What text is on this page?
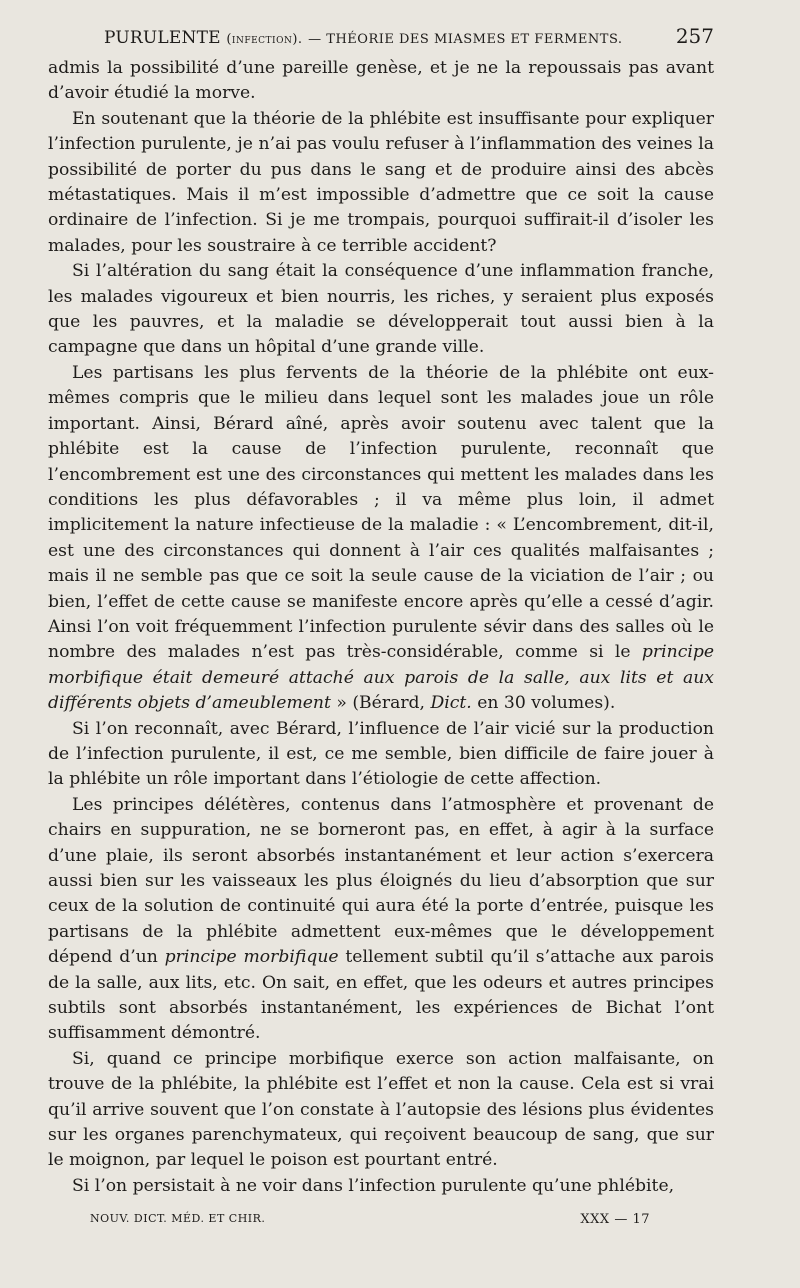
PURULENTE (infection). — THÉORIE DES MIASMES ET FERMENTS.	257

admis la possibilité d’une pareille genèse, et je ne la repoussais pas avant d’avoir étudié la morve.

En soutenant que la théorie de la phlébite est insuffisante pour expliquer l’infection purulente, je n’ai pas voulu refuser à l’inflammation des veines la possibilité de porter du pus dans le sang et de produire ainsi des abcès métastatiques. Mais il m’est impossible d’admettre que ce soit la cause ordinaire de l’infection. Si je me trompais, pourquoi suffirait-il d’isoler les malades, pour les soustraire à ce terrible accident?

Si l’altération du sang était la conséquence d’une inflammation franche, les malades vigoureux et bien nourris, les riches, y seraient plus exposés que les pauvres, et la maladie se développerait tout aussi bien à la campagne que dans un hôpital d’une grande ville.

Les partisans les plus fervents de la théorie de la phlébite ont eux-mêmes compris que le milieu dans lequel sont les malades joue un rôle important. Ainsi, Bérard aîné, après avoir soutenu avec talent que la phlébite est la cause de l’infection purulente, reconnaît que l’encombrement est une des circonstances qui mettent les malades dans les conditions les plus défavorables ; il va même plus loin, il admet implicitement la nature infectieuse de la maladie : « L’encombrement, dit-il, est une des circonstances qui donnent à l’air ces qualités malfaisantes ; mais il ne semble pas que ce soit la seule cause de la viciation de l’air ; ou bien, l’effet de cette cause se manifeste encore après qu’elle a cessé d’agir. Ainsi l’on voit fréquemment l’infection purulente sévir dans des salles où le nombre des malades n’est pas très-considérable, comme si le principe morbifique était demeuré attaché aux parois de la salle, aux lits et aux différents objets d’ameublement » (Bérard, Dict. en 30 volumes).

Si l’on reconnaît, avec Bérard, l’influence de l’air vicié sur la production de l’infection purulente, il est, ce me semble, bien difficile de faire jouer à la phlébite un rôle important dans l’étiologie de cette affection.

Les principes délétères, contenus dans l’atmosphère et provenant de chairs en suppuration, ne se borneront pas, en effet, à agir à la surface d’une plaie, ils seront absorbés instantanément et leur action s’exercera aussi bien sur les vaisseaux les plus éloignés du lieu d’absorption que sur ceux de la solution de continuité qui aura été la porte d’entrée, puisque les partisans de la phlébite admettent eux-mêmes que le développement dépend d’un principe morbifique tellement subtil qu’il s’attache aux parois de la salle, aux lits, etc. On sait, en effet, que les odeurs et autres principes subtils sont absorbés instantanément, les expériences de Bichat l’ont suffisamment démontré.

Si, quand ce principe morbifique exerce son action malfaisante, on trouve de la phlébite, la phlébite est l’effet et non la cause. Cela est si vrai qu’il arrive souvent que l’on constate à l’autopsie des lésions plus évidentes sur les organes parenchymateux, qui reçoivent beaucoup de sang, que sur le moignon, par lequel le poison est pourtant entré.

Si l’on persistait à ne voir dans l’infection purulente qu’une phlébite,

NOUV. DICT. MÉD. ET CHIR.	XXX — 17
